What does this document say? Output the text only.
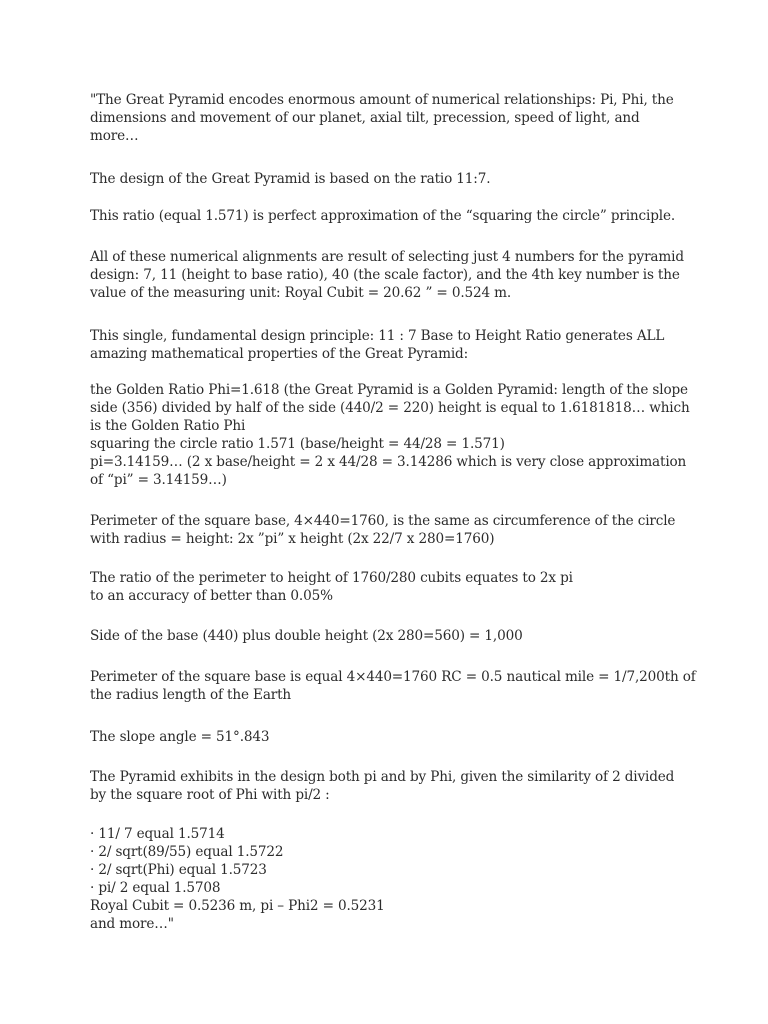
"The Great Pyramid encodes enormous amount of numerical relationships: Pi, Phi, the
dimensions and movement of our planet, axial tilt, precession, speed of light, and
more…

The design of the Great Pyramid is based on the ratio 11:7.

This ratio (equal 1.571) is perfect approximation of the “squaring the circle” principle.

All of these numerical alignments are result of selecting just 4 numbers for the pyramid
design: 7, 11 (height to base ratio), 40 (the scale factor), and the 4th key number is the
value of the measuring unit: Royal Cubit = 20.62 ” = 0.524 m.

This single, fundamental design principle: 11 : 7 Base to Height Ratio generates ALL
amazing mathematical properties of the Great Pyramid:

the Golden Ratio Phi=1.618 (the Great Pyramid is a Golden Pyramid: length of the slope
side (356) divided by half of the side (440/2 = 220) height is equal to 1.6181818… which
is the Golden Ratio Phi
squaring the circle ratio 1.571 (base/height = 44/28 = 1.571)
pi=3.14159… (2 x base/height = 2 x 44/28 = 3.14286 which is very close approximation
of “pi” = 3.14159…)

Perimeter of the square base, 4×440=1760, is the same as circumference of the circle
with radius = height: 2x ”pi” x height (2x 22/7 x 280=1760)

The ratio of the perimeter to height of 1760/280 cubits equates to 2x pi
to an accuracy of better than 0.05%

Side of the base (440) plus double height (2x 280=560) = 1,000

Perimeter of the square base is equal 4×440=1760 RC = 0.5 nautical mile = 1/7,200th of
the radius length of the Earth

The slope angle = 51°.843

The Pyramid exhibits in the design both pi and by Phi, given the similarity of 2 divided
by the square root of Phi with pi/2 :

· 11/ 7 equal 1.5714
· 2/ sqrt(89/55) equal 1.5722
· 2/ sqrt(Phi) equal 1.5723
· pi/ 2 equal 1.5708
Royal Cubit = 0.5236 m, pi – Phi2 = 0.5231
and more…"
